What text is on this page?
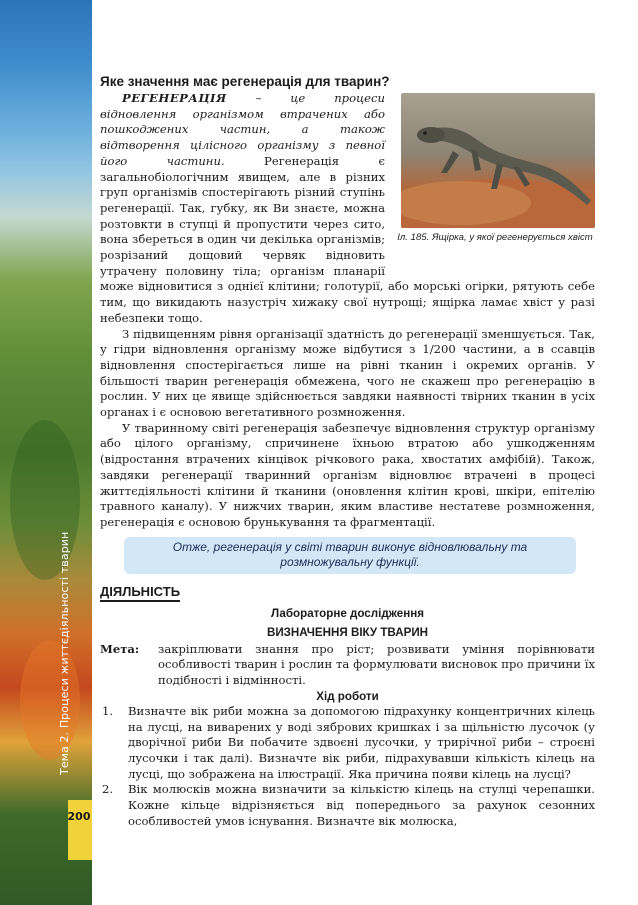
Тема 2. Процеси життєдіяльності тварин
200
Яке значення має регенерація для тварин?
Іл. 185. Ящірка, у якої регенерується хвіст

РЕГЕНЕРАЦІЯ – це процеси відновлення організмом втрачених або пошкоджених частин, а також відтворення цілісного організму з певної його частини. Регенерація є загальнобіологічним явищем, але в різних груп організмів спостерігають різний ступінь регенерації. Так, губку, як Ви знаєте, можна розтовкти в ступці й пропустити через сито, вона збереться в один чи декілька організмів; розрізаний дощовий червяк відновить утрачену половину тіла; організм планарії може відновитися з однієї клітини; голотурії, або морські огірки, рятують себе тим, що викидають назустріч хижаку свої нутрощі; ящірка ламає хвіст у разі небезпеки тощо.

З підвищенням рівня організації здатність до регенерації зменшується. Так, у гідри відновлення організму може відбутися з 1/200 частини, а в ссавців відновлення спостерігається лише на рівні тканин і окремих органів. У більшості тварин регенерація обмежена, чого не скажеш про регенерацію в рослин. У них це явище здійснюється завдяки наявності твірних тканин в усіх органах і є основою вегетативного розмноження.

У тваринному світі регенерація забезпечує відновлення структур організму або цілого організму, спричинене їхньою втратою або ушкодженням (відростання втрачених кінцівок річкового рака, хвостатих амфібій). Також, завдяки регенерації тваринний організм відновлює втрачені в процесі життєдіяльності клітини й тканини (оновлення клітин крові, шкіри, епітелію травного каналу). У нижчих тварин, яким властиве нестатеве розмноження, регенерація є основою брунькування та фрагментації.

Отже, регенерація у світі тварин виконує відновлювальну та розмножувальну функції.
ДІЯЛЬНІСТЬ
Лабораторне дослідження
ВИЗНАЧЕННЯ ВІКУ ТВАРИН
Мета:	закріплювати знання про ріст; розвивати уміння порівнювати особливості тварин і рослин та формулювати висновок про причини їх подібності і відмінності.
Хід роботи
1.	Визначте вік риби можна за допомогою підрахунку концентричних кілець на лусці, на виварених у воді зябрових кришках і за щільністю лусочок (у дворічної риби Ви побачите здвоєні лусочки, у трирічної риби – строєні лусочки і так далі). Визначте вік риби, підрахувавши кількість кілець на лусці, що зображена на ілюстрації. Яка причина появи кілець на лусці?
2.	Вік молюсків можна визначити за кількістю кілець на стулці черепашки. Кожне кільце відрізняється від попереднього за рахунок сезонних особливостей умов існування. Визначте вік молюска,
